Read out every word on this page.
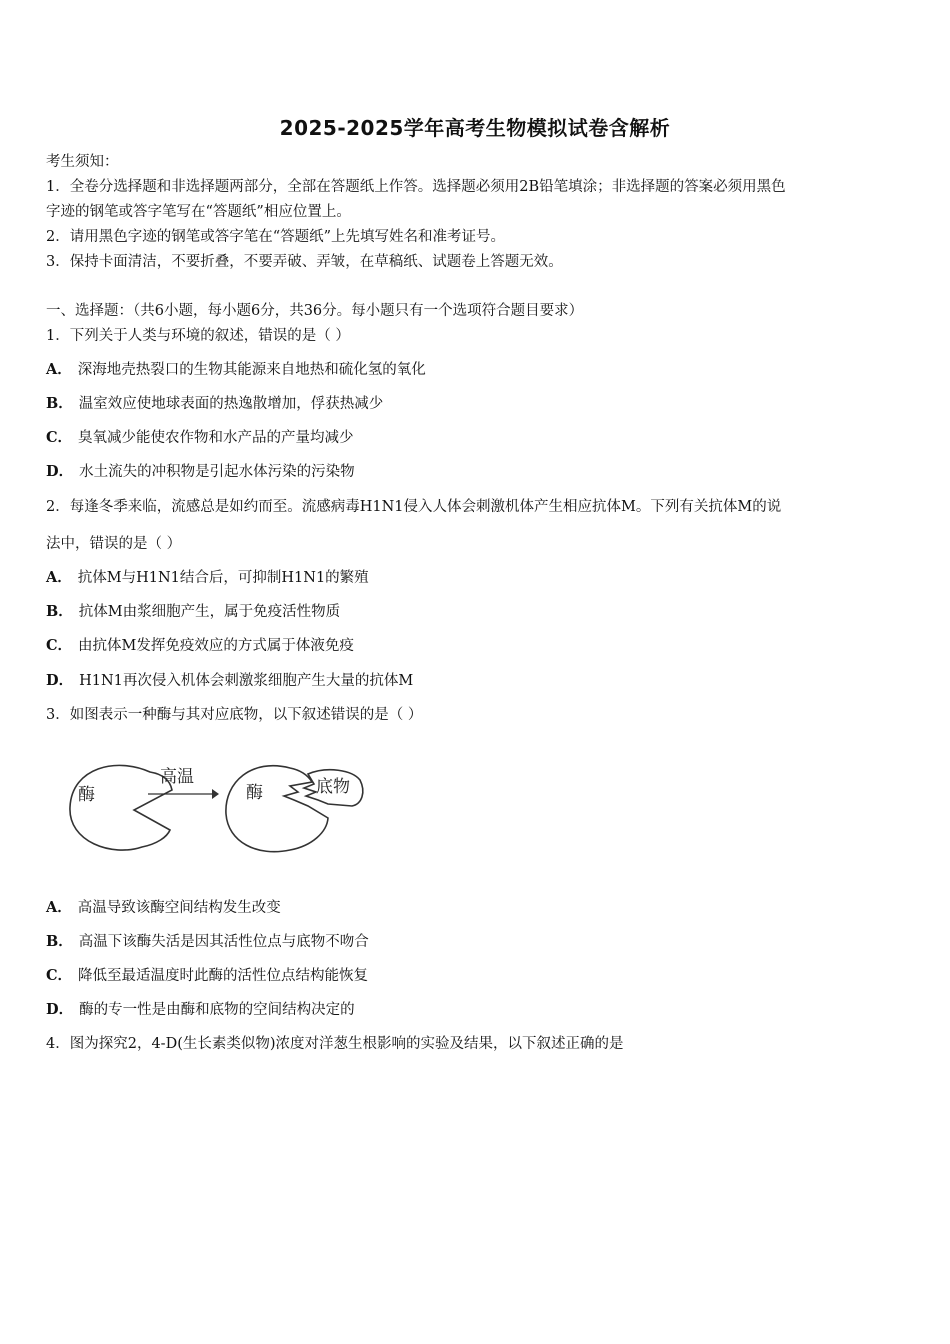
2025-2025学年高考生物模拟试卷含解析
考生须知：
1．全卷分选择题和非选择题两部分，全部在答题纸上作答。选择题必须用2B铅笔填涂；非选择题的答案必须用黑色
字迹的钢笔或答字笔写在“答题纸”相应位置上。
2．请用黑色字迹的钢笔或答字笔在“答题纸”上先填写姓名和准考证号。
3．保持卡面清洁，不要折叠，不要弄破、弄皱，在草稿纸、试题卷上答题无效。
一、选择题：（共6小题，每小题6分，共36分。每小题只有一个选项符合题目要求）
1．下列关于人类与环境的叙述，错误的是（ ）
A． 深海地壳热裂口的生物其能源来自地热和硫化氢的氧化
B． 温室效应使地球表面的热逸散增加，俘获热减少
C． 臭氧减少能使农作物和水产品的产量均减少
D． 水土流失的冲积物是引起水体污染的污染物
2．每逢冬季来临，流感总是如约而至。流感病毒H1N1侵入人体会刺激机体产生相应抗体M。下列有关抗体M的说
法中，错误的是（ ）
A． 抗体M与H1N1结合后，可抑制H1N1的繁殖
B． 抗体M由浆细胞产生，属于免疫活性物质
C． 由抗体M发挥免疫效应的方式属于体液免疫
D． H1N1再次侵入机体会刺激浆细胞产生大量的抗体M
3．如图表示一种酶与其对应底物，以下叙述错误的是（ ）
酶
高温
酶	底物
A． 高温导致该酶空间结构发生改变
B． 高温下该酶失活是因其活性位点与底物不吻合
C． 降低至最适温度时此酶的活性位点结构能恢复
D． 酶的专一性是由酶和底物的空间结构决定的
4．图为探究2，4-D(生长素类似物)浓度对洋葱生根影响的实验及结果，以下叙述正确的是
